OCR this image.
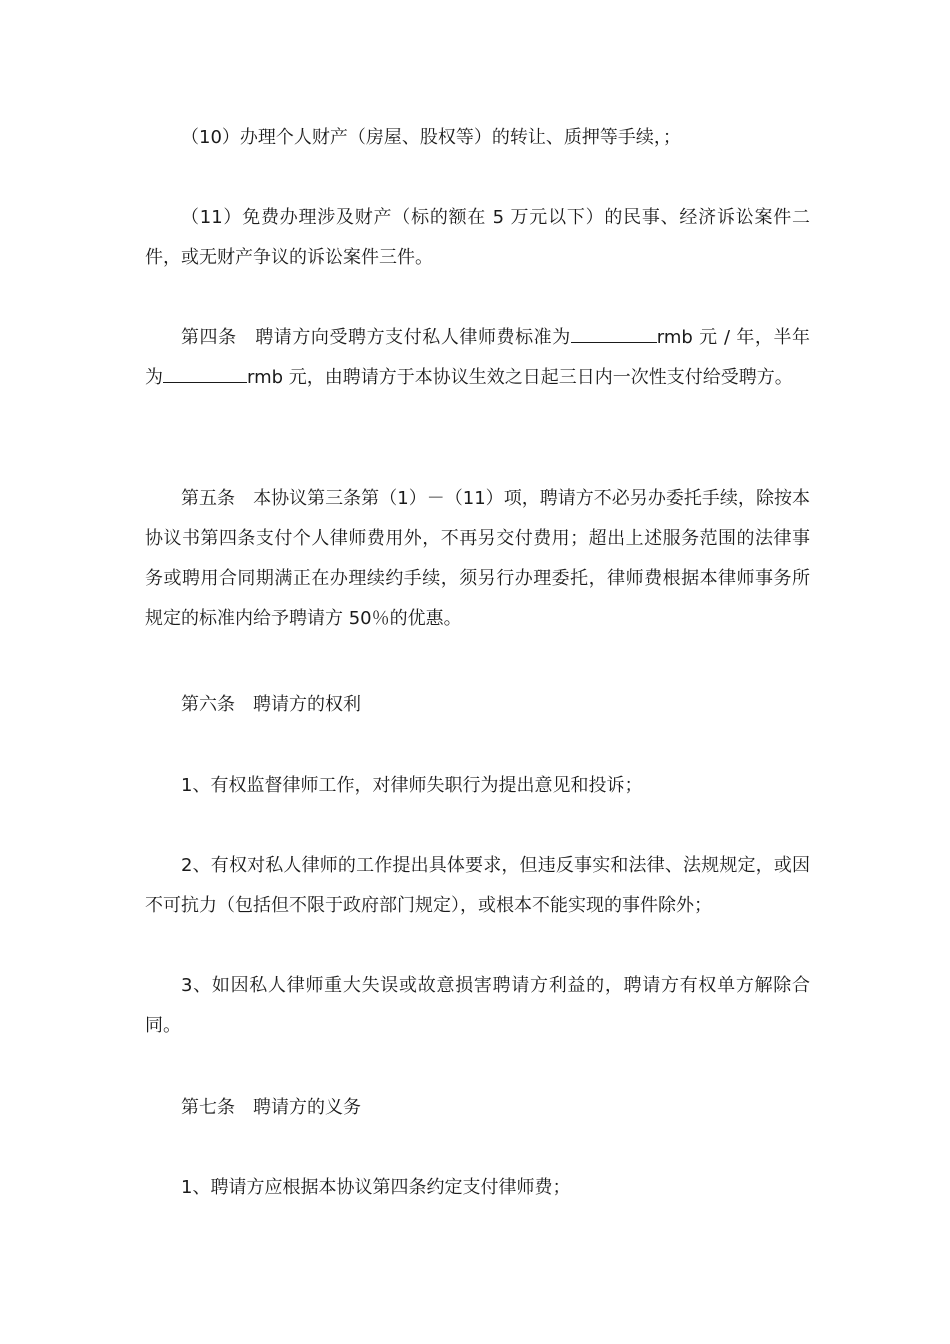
（10）办理个人财产（房屋、股权等）的转让、质押等手续，；

（11）免费办理涉及财产（标的额在 5 万元以下）的民事、经济诉讼案件二件，或无财产争议的诉讼案件三件。

第四条　聘请方向受聘方支付私人律师费标准为	rmb 元 / 年，半年为	rmb 元，由聘请方于本协议生效之日起三日内一次性支付给受聘方。

第五条　本协议第三条第（1）－（11）项，聘请方不必另办委托手续，除按本协议书第四条支付个人律师费用外，不再另交付费用；超出上述服务范围的法律事务或聘用合同期满正在办理续约手续，须另行办理委托，律师费根据本律师事务所规定的标准内给予聘请方 50％的优惠。

第六条　聘请方的权利

1、有权监督律师工作，对律师失职行为提出意见和投诉；

2、有权对私人律师的工作提出具体要求，但违反事实和法律、法规规定，或因不可抗力（包括但不限于政府部门规定），或根本不能实现的事件除外；

3、如因私人律师重大失误或故意损害聘请方利益的，聘请方有权单方解除合同。

第七条　聘请方的义务

1、聘请方应根据本协议第四条约定支付律师费；
